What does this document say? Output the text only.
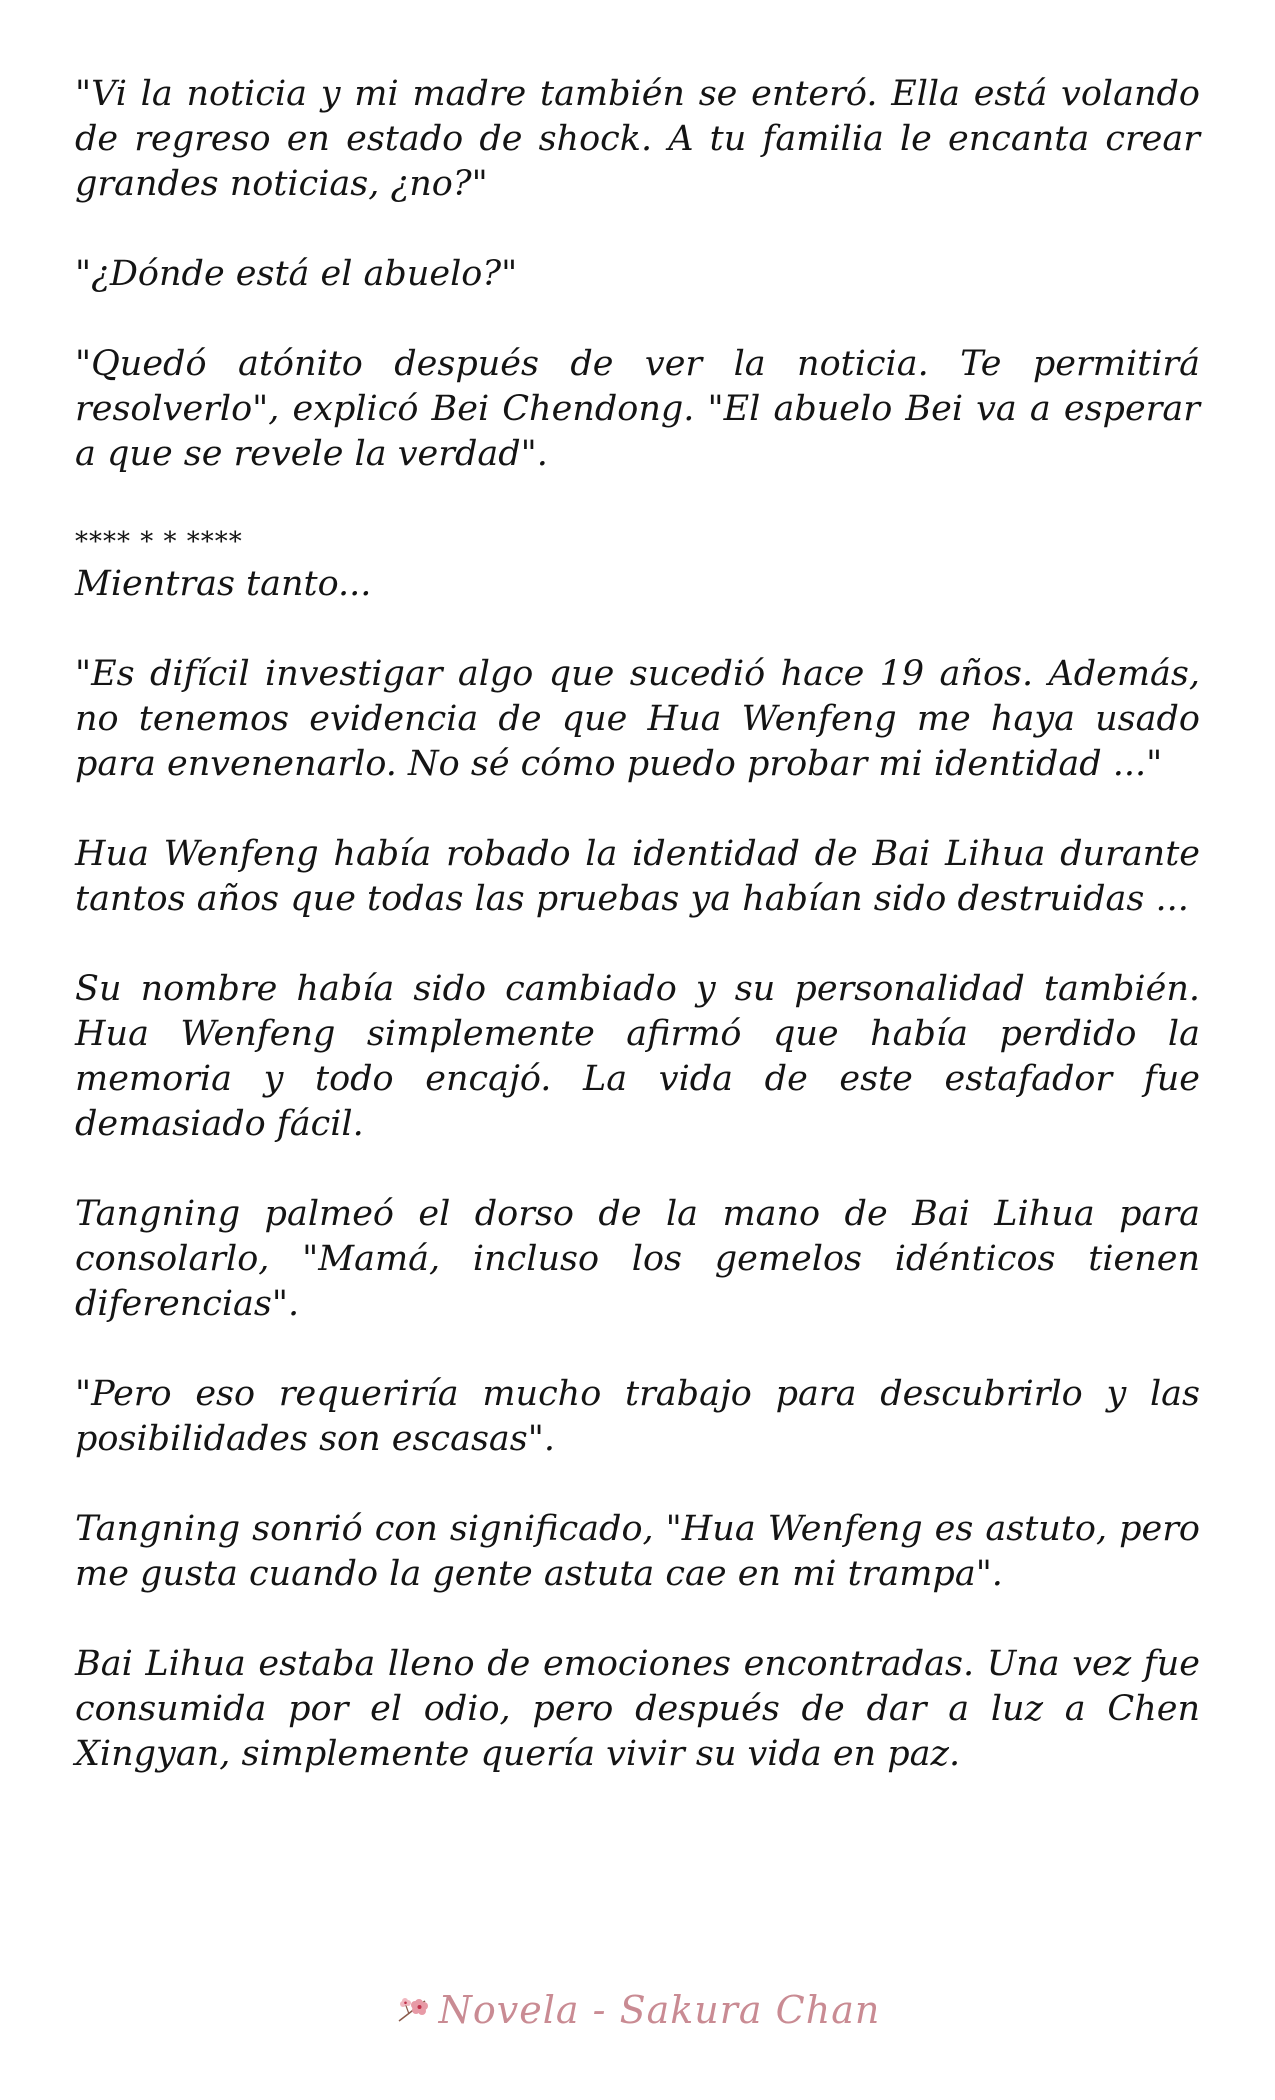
"Vi la noticia y mi madre también se enteró. Ella está volando de regreso en estado de shock. A tu familia le encanta crear grandes noticias, ¿no?"

"¿Dónde está el abuelo?"

"Quedó atónito después de ver la noticia. Te permitirá resolverlo", explicó Bei Chendong. "El abuelo Bei va a esperar a que se revele la verdad".

**** * * ****

Mientras tanto...

"Es difícil investigar algo que sucedió hace 19 años. Además, no tenemos evidencia de que Hua Wenfeng me haya usado para envenenarlo. No sé cómo puedo probar mi identidad ..."

Hua Wenfeng había robado la identidad de Bai Lihua durante tantos años que todas las pruebas ya habían sido destruidas ...

Su nombre había sido cambiado y su personalidad también. Hua Wenfeng simplemente afirmó que había perdido la memoria y todo encajó. La vida de este estafador fue demasiado fácil.

Tangning palmeó el dorso de la mano de Bai Lihua para consolarlo, "Mamá, incluso los gemelos idénticos tienen diferencias".

"Pero eso requeriría mucho trabajo para descubrirlo y las posibilidades son escasas".

Tangning sonrió con significado, "Hua Wenfeng es astuto, pero me gusta cuando la gente astuta cae en mi trampa".

Bai Lihua estaba lleno de emociones encontradas. Una vez fue consumida por el odio, pero después de dar a luz a Chen Xingyan, simplemente quería vivir su vida en paz.

Novela - Sakura Chan
